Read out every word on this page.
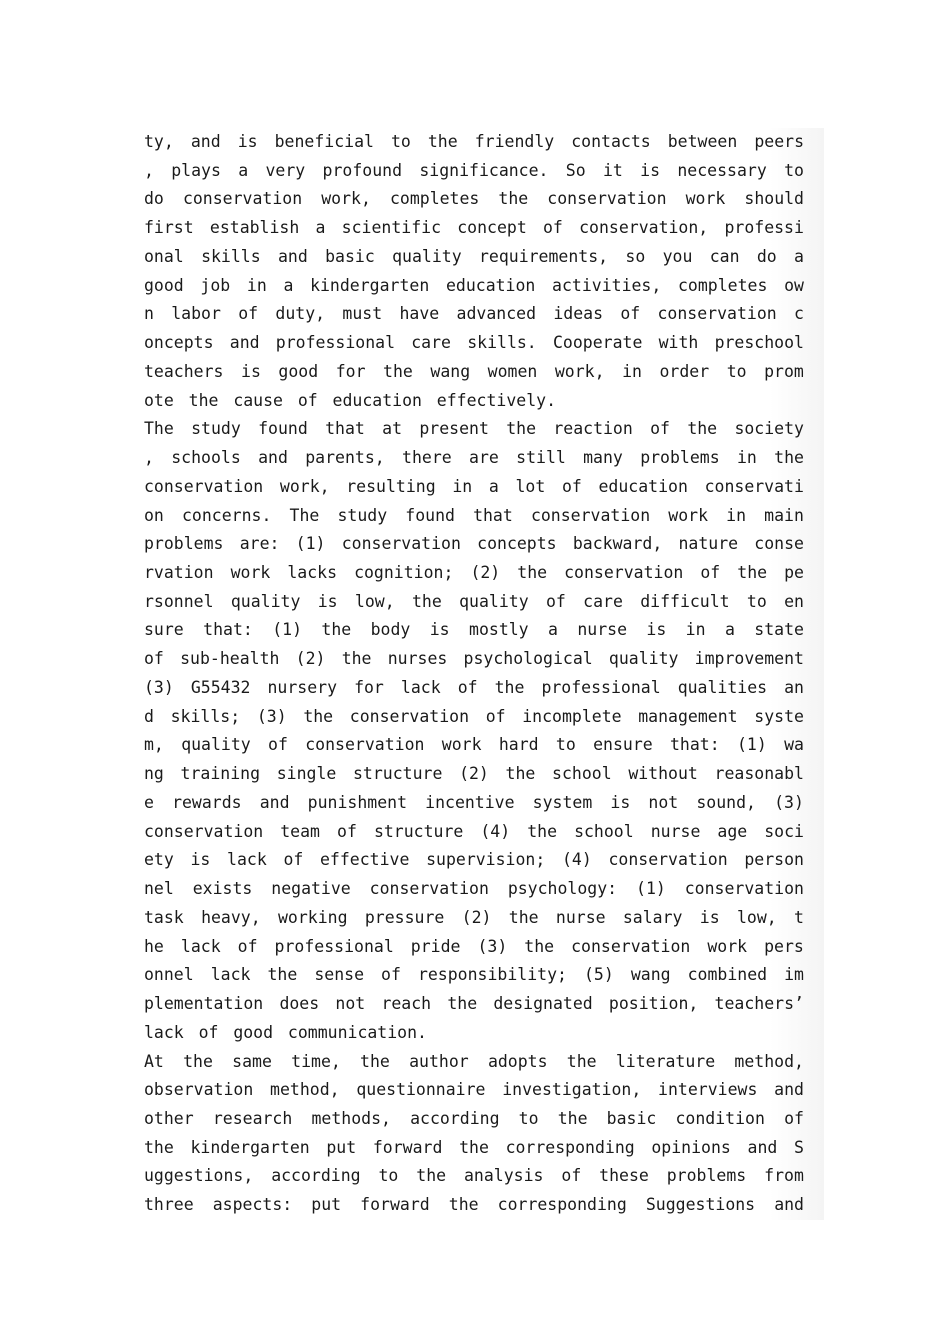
ty, and is beneficial to the friendly contacts between peers
, plays a very profound significance. So it is necessary to
do conservation work, completes the conservation work should
first establish a scientific concept of conservation, professi
onal skills and basic quality requirements, so you can do a
good job in a kindergarten education activities, completes ow
n labor of duty, must have advanced ideas of conservation c
oncepts and professional care skills. Cooperate with preschool
teachers is good for the wang women work, in order to prom
ote the cause of education effectively.
The study found that at present the reaction of the society
, schools and parents, there are still many problems in the
conservation work, resulting in a lot of education conservati
on concerns. The study found that conservation work in main
problems are: (1) conservation concepts backward, nature conse
rvation work lacks cognition; (2) the conservation of the pe
rsonnel quality is low, the quality of care difficult to en
sure that: (1) the body is mostly a nurse is in a state
of sub-health (2) the nurses psychological quality improvement
(3) G55432 nursery for lack of the professional qualities an
d skills; (3) the conservation of incomplete management syste
m, quality of conservation work hard to ensure that: (1) wa
ng training single structure (2) the school without reasonabl
e rewards and punishment incentive system is not sound, (3)
conservation team of structure (4) the school nurse age soci
ety is lack of effective supervision; (4) conservation person
nel exists negative conservation psychology: (1) conservation
task heavy, working pressure (2) the nurse salary is low, t
he lack of professional pride (3) the conservation work pers
onnel lack the sense of responsibility; (5) wang combined im
plementation does not reach the designated position, teachers’
lack of good communication.
At the same time, the author adopts the literature method,
observation method, questionnaire investigation, interviews and
other research methods, according to the basic condition of
the kindergarten put forward the corresponding opinions and S
uggestions, according to the analysis of these problems from
three aspects: put forward the corresponding Suggestions and
